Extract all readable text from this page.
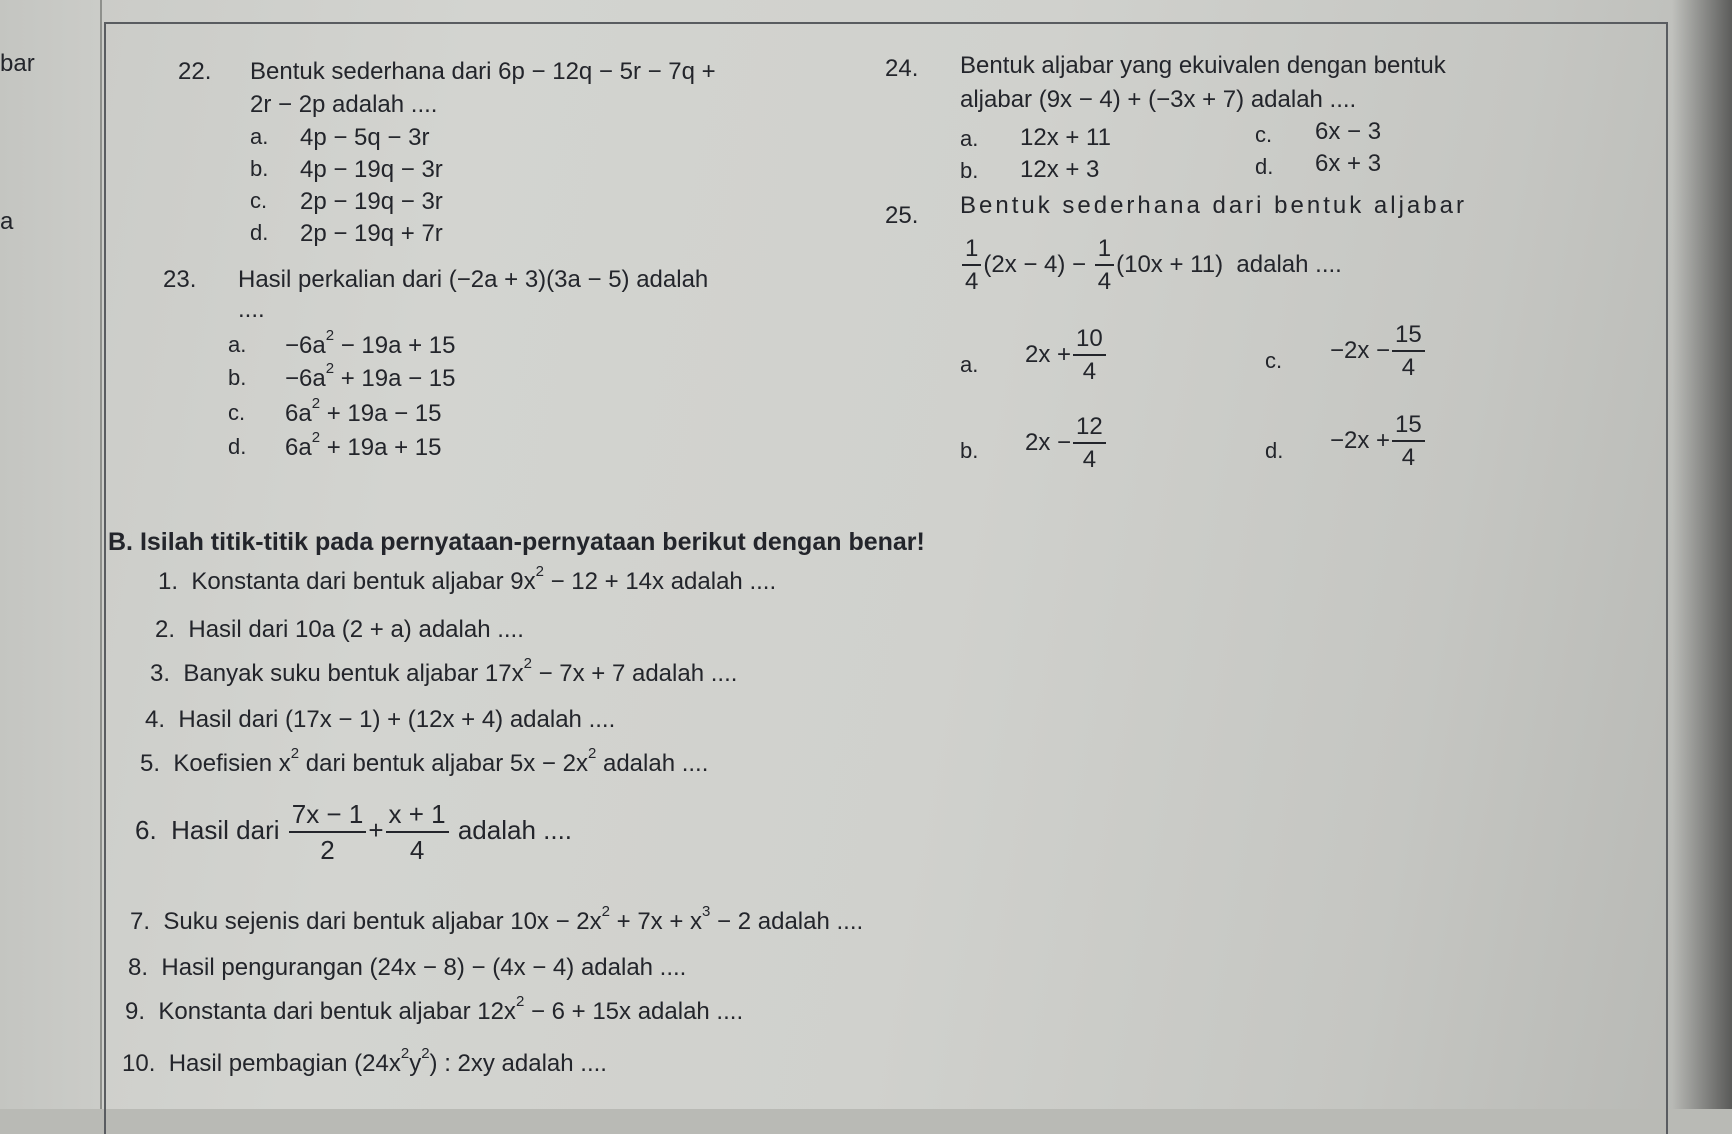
bar
a
22. Bentuk sederhana dari 6p − 12q − 5r − 7q +
2r − 2p adalah ....
a. 4p − 5q − 3r
b. 4p − 19q − 3r
c. 2p − 19q − 3r
d. 2p − 19q + 7r
23. Hasil perkalian dari (−2a + 3)(3a − 5) adalah
....
a. $-6a^2 - 19a + 15$
b. $-6a^2 + 19a - 15$
c. $6a^2 + 19a - 15$
d. $6a^2 + 19a + 15$
24. Bentuk aljabar yang ekuivalen dengan bentuk
aljabar (9x − 4) + (−3x + 7) adalah ....
a. 12x + 11
b. 12x + 3
c. 6x − 3
d. 6x + 3
25. Bentuk sederhana dari bentuk aljabar
$\frac{1}{4} (2x - 4) - \frac{1}{4} (10x + 11)$ adalah ....
a. $2x + \frac{10}{4}$
b. $2x - \frac{12}{4}$
c. $-2x - \frac{15}{4}$
d. $-2x + \frac{15}{4}$
B. Isilah titik-titik pada pernyataan-pernyataan berikut dengan benar!
1. Konstanta dari bentuk aljabar $9x^2 - 12 + 14x$ adalah ....
2. Hasil dari 10a (2 + a) adalah ....
3. Banyak suku bentuk aljabar $17x^2 - 7x + 7$ adalah ....
4. Hasil dari (17x − 1) + (12x + 4) adalah ....
5. Koefisien $x^2$ dari bentuk aljabar $5x - 2x^2$ adalah ....
6. Hasil dari $\frac{7x - 1}{2} + \frac{x + 1}{4}$ adalah ....
7. Suku sejenis dari bentuk aljabar $10x - 2x^2 + 7x + x^3 - 2$ adalah ....
8. Hasil pengurangan (24x − 8) − (4x − 4) adalah ....
9. Konstanta dari bentuk aljabar $12x^2 - 6 + 15x$ adalah ....
10. Hasil pembagian $(24x^2y^2)$ : 2xy adalah ....
